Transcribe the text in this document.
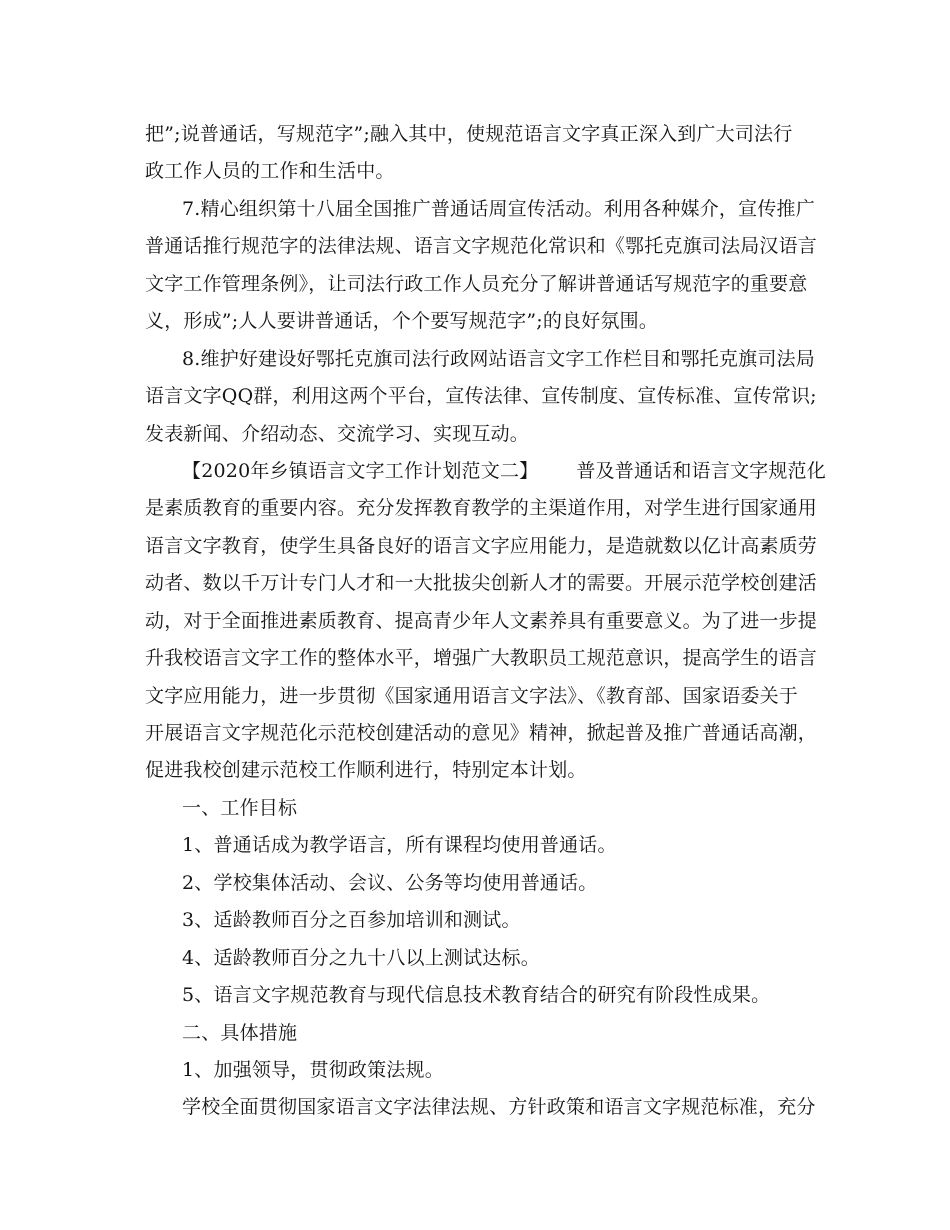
把”;说普通话，写规范字”;融入其中，使规范语言文字真正深入到广大司法行
政工作人员的工作和生活中。
7.精心组织第十八届全国推广普通话周宣传活动。利用各种媒介，宣传推广
普通话推行规范字的法律法规、语言文字规范化常识和《鄂托克旗司法局汉语言
文字工作管理条例》，让司法行政工作人员充分了解讲普通话写规范字的重要意
义，形成”;人人要讲普通话，个个要写规范字”;的良好氛围。
8.维护好建设好鄂托克旗司法行政网站语言文字工作栏目和鄂托克旗司法局
语言文字QQ群，利用这两个平台，宣传法律、宣传制度、宣传标准、宣传常识;
发表新闻、介绍动态、交流学习、实现互动。
【2020年乡镇语言文字工作计划范文二】 普及普通话和语言文字规范化
是素质教育的重要内容。充分发挥教育教学的主渠道作用，对学生进行国家通用
语言文字教育，使学生具备良好的语言文字应用能力，是造就数以亿计高素质劳
动者、数以千万计专门人才和一大批拔尖创新人才的需要。开展示范学校创建活
动，对于全面推进素质教育、提高青少年人文素养具有重要意义。为了进一步提
升我校语言文字工作的整体水平，增强广大教职员工规范意识，提高学生的语言
文字应用能力，进一步贯彻《国家通用语言文字法》、《教育部、国家语委关于
开展语言文字规范化示范校创建活动的意见》精神，掀起普及推广普通话高潮，
促进我校创建示范校工作顺利进行，特别定本计划。
一、工作目标
1、普通话成为教学语言，所有课程均使用普通话。
2、学校集体活动、会议、公务等均使用普通话。
3、适龄教师百分之百参加培训和测试。
4、适龄教师百分之九十八以上测试达标。
5、语言文字规范教育与现代信息技术教育结合的研究有阶段性成果。
二、具体措施
1、加强领导，贯彻政策法规。
学校全面贯彻国家语言文字法律法规、方针政策和语言文字规范标准，充分
